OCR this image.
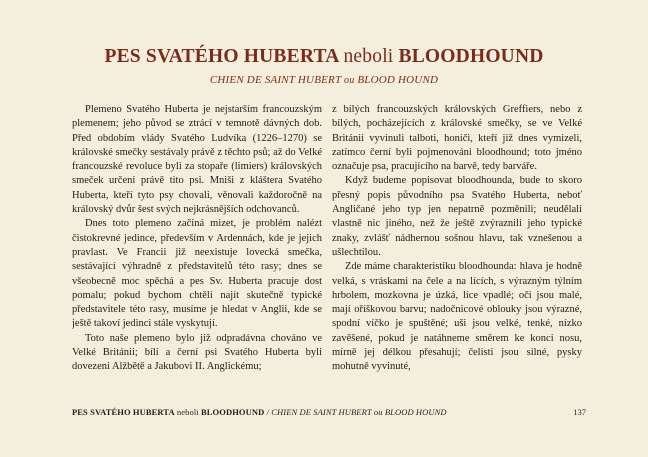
PES SVATÉHO HUBERTA neboli BLOODHOUND
CHIEN DE SAINT HUBERT ou BLOOD HOUND

Plemeno Svatého Huberta je nejstarším francouzským plemenem; jeho původ se ztrácí v temnotě dávných dob. Před obdobím vlády Svatého Ludvíka (1226–1270) se královské smečky sestávaly právě z těchto psů; až do Velké francouzské revoluce byli za stopaře (limiers) královských smeček určeni právě tito psi. Mniši z kláštera Svatého Huberta, kteří tyto psy chovali, věnovali každoročně na královský dvůr šest svých nejkrásnějších odchovanců.

Dnes toto plemeno začíná mizet, je problém nalézt čistokrevné jedince, především v Ardennách, kde je jejich pravlast. Ve Francii již neexistuje lovecká smečka, sestávající výhradně z představitelů této rasy; dnes se všeobecně moc spěchá a pes Sv. Huberta pracuje dost pomalu; pokud bychom chtěli najít skutečně typické představitele této rasy, musíme je hledat v Anglii, kde se ještě takoví jedinci stále vyskytují.

Toto naše plemeno bylo již odpradávna chováno ve Velké Británii; bílí a černí psi Svatého Huberta byli dovezeni Alžbětě a Jakubovi II. Anglickému;

z bílých francouzských královských Greffiers, nebo z bílých, pocházejících z královské smečky, se ve Velké Británii vyvinuli talboti, honiči, kteří již dnes vymizeli, zatímco černí byli pojmenováni bloodhound; toto jméno označuje psa, pracujícího na barvě, tedy barváře.

Když budeme popisovat bloodhounda, bude to skoro přesný popis původního psa Svatého Huberta, neboť Angličané jeho typ jen nepatrně pozměnili; neudělali vlastně nic jiného, než že ještě zvýraznili jeho typické znaky, zvlášť nádhernou sošnou hlavu, tak vznešenou a ušlechtilou.

Zde máme charakteristiku bloodhounda: hlava je hodně velká, s vráskami na čele a na lících, s výrazným týlním hrbolem, mozkovna je úzká, líce vpadlé; oči jsou malé, mají oříškovou barvu; nadočnicové oblouky jsou výrazné, spodní víčko je spuštěné; uši jsou velké, tenké, nízko zavěšené, pokud je natáhneme směrem ke konci nosu, mírně jej délkou přesahují; čelisti jsou silné, pysky mohutně vyvinuté,

PES SVATÉHO HUBERTA neboli BLOODHOUND / CHIEN DE SAINT HUBERT ou BLOOD HOUND	137
